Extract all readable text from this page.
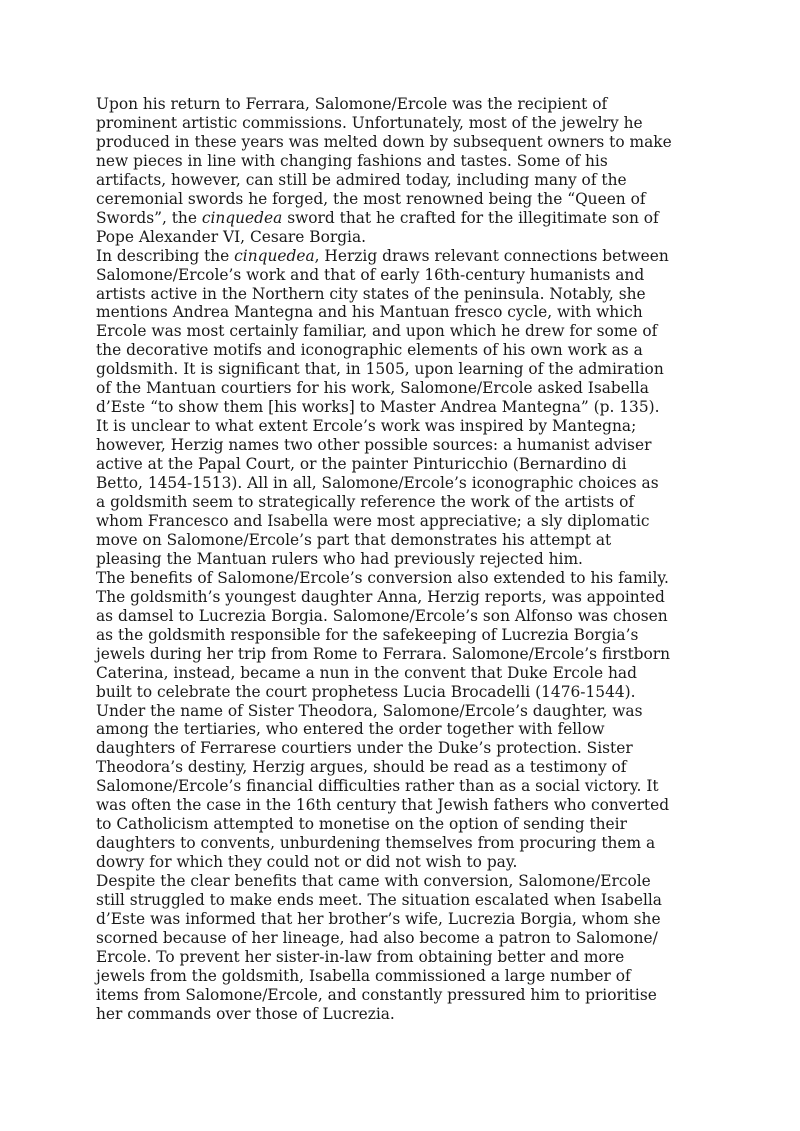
Upon his return to Ferrara, Salomone/Ercole was the recipient of
prominent artistic commissions. Unfortunately, most of the jewelry he
produced in these years was melted down by subsequent owners to make
new pieces in line with changing fashions and tastes. Some of his
artifacts, however, can still be admired today, including many of the
ceremonial swords he forged, the most renowned being the “Queen of
Swords”, the cinquedea sword that he crafted for the illegitimate son of
Pope Alexander VI, Cesare Borgia.

In describing the cinquedea, Herzig draws relevant connections between
Salomone/Ercole’s work and that of early 16th-century humanists and
artists active in the Northern city states of the peninsula. Notably, she
mentions Andrea Mantegna and his Mantuan fresco cycle, with which
Ercole was most certainly familiar, and upon which he drew for some of
the decorative motifs and iconographic elements of his own work as a
goldsmith. It is significant that, in 1505, upon learning of the admiration
of the Mantuan courtiers for his work, Salomone/Ercole asked Isabella
d’Este “to show them [his works] to Master Andrea Mantegna” (p. 135).
It is unclear to what extent Ercole’s work was inspired by Mantegna;
however, Herzig names two other possible sources: a humanist adviser
active at the Papal Court, or the painter Pinturicchio (Bernardino di
Betto, 1454-1513). All in all, Salomone/Ercole’s iconographic choices as
a goldsmith seem to strategically reference the work of the artists of
whom Francesco and Isabella were most appreciative; a sly diplomatic
move on Salomone/Ercole’s part that demonstrates his attempt at
pleasing the Mantuan rulers who had previously rejected him.

The benefits of Salomone/Ercole’s conversion also extended to his family.
The goldsmith’s youngest daughter Anna, Herzig reports, was appointed
as damsel to Lucrezia Borgia. Salomone/Ercole’s son Alfonso was chosen
as the goldsmith responsible for the safekeeping of Lucrezia Borgia’s
jewels during her trip from Rome to Ferrara. Salomone/Ercole’s firstborn
Caterina, instead, became a nun in the convent that Duke Ercole had
built to celebrate the court prophetess Lucia Brocadelli (1476-1544).
Under the name of Sister Theodora, Salomone/Ercole’s daughter, was
among the tertiaries, who entered the order together with fellow
daughters of Ferrarese courtiers under the Duke’s protection. Sister
Theodora’s destiny, Herzig argues, should be read as a testimony of
Salomone/Ercole’s financial difficulties rather than as a social victory. It
was often the case in the 16th century that Jewish fathers who converted
to Catholicism attempted to monetise on the option of sending their
daughters to convents, unburdening themselves from procuring them a
dowry for which they could not or did not wish to pay.

Despite the clear benefits that came with conversion, Salomone/Ercole
still struggled to make ends meet. The situation escalated when Isabella
d’Este was informed that her brother’s wife, Lucrezia Borgia, whom she
scorned because of her lineage, had also become a patron to Salomone/
Ercole. To prevent her sister-in-law from obtaining better and more
jewels from the goldsmith, Isabella commissioned a large number of
items from Salomone/Ercole, and constantly pressured him to prioritise
her commands over those of Lucrezia.
